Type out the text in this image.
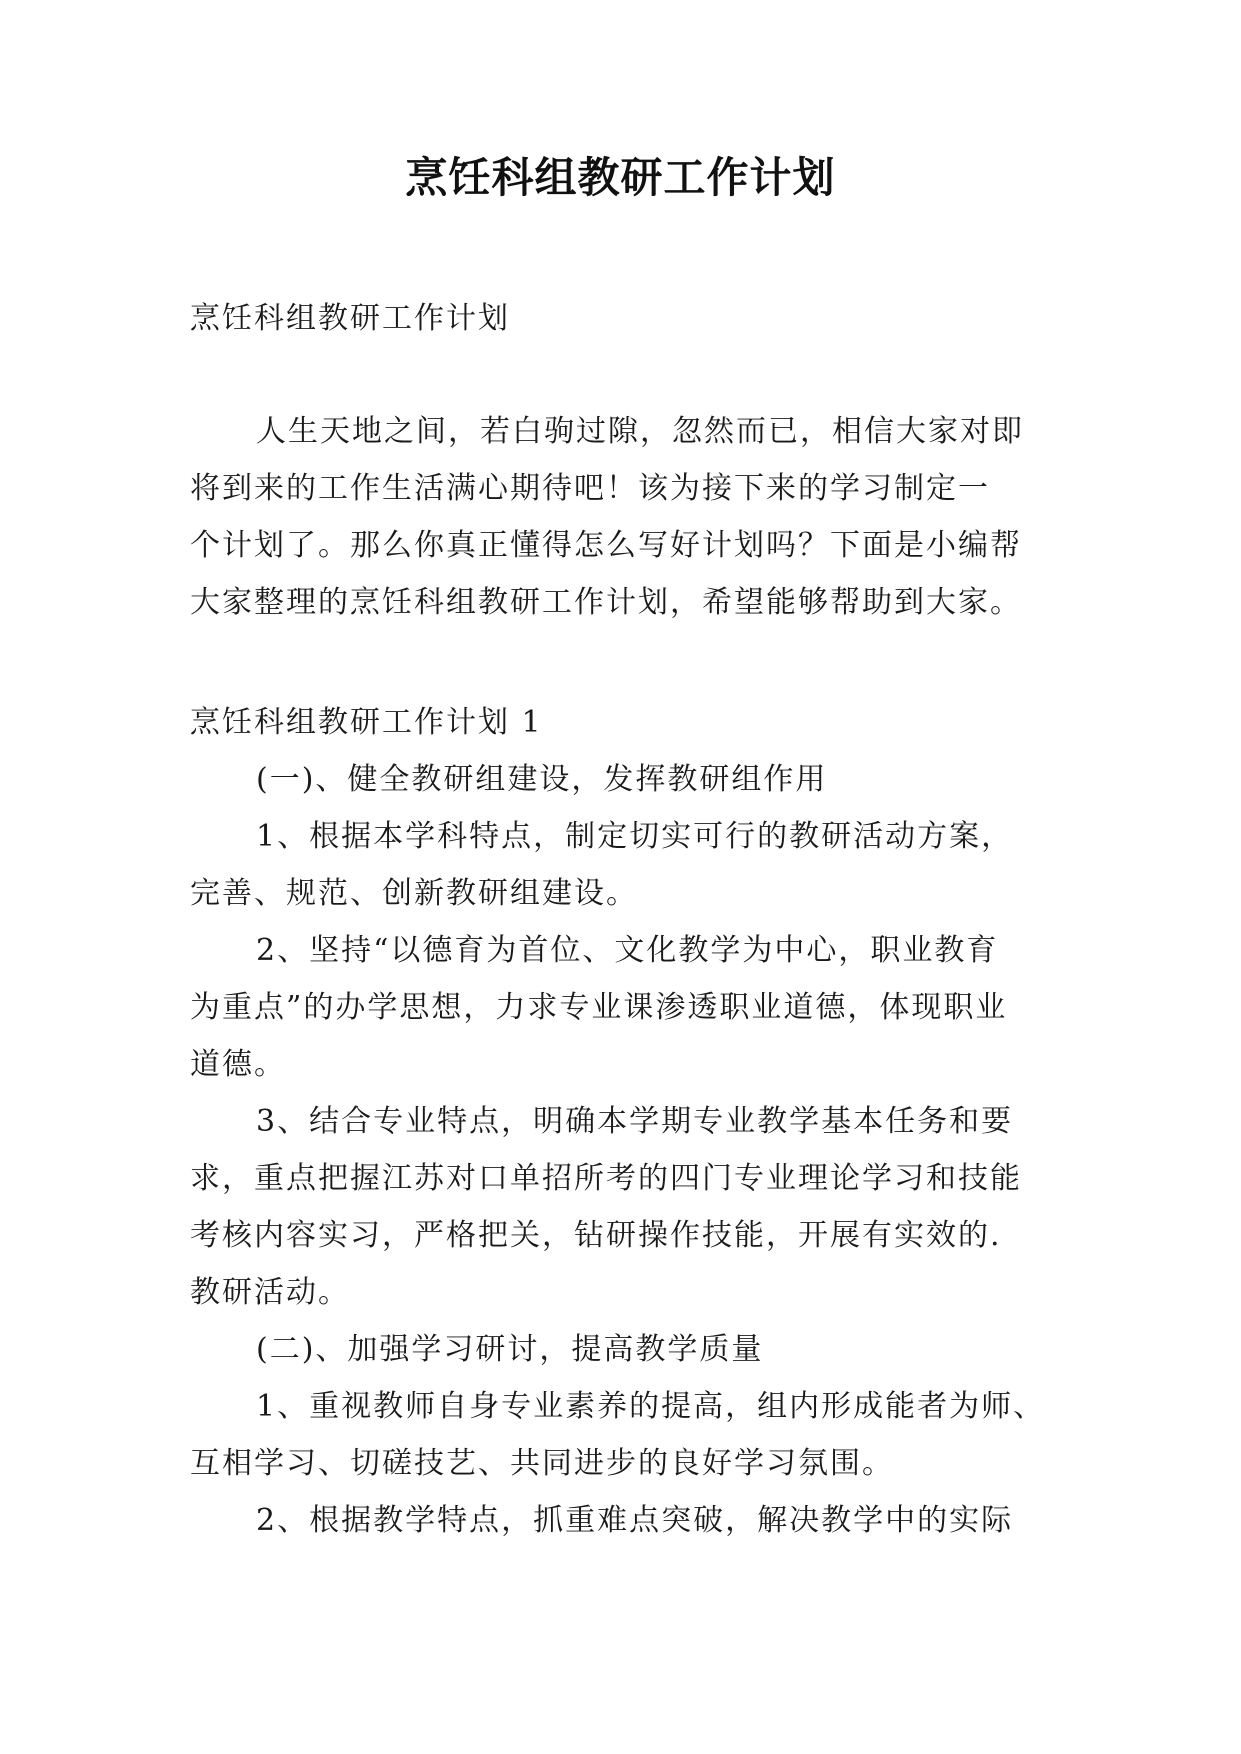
烹饪科组教研工作计划
烹饪科组教研工作计划
人生天地之间，若白驹过隙，忽然而已，相信大家对即
将到来的工作生活满心期待吧！该为接下来的学习制定一
个计划了。那么你真正懂得怎么写好计划吗？下面是小编帮
大家整理的烹饪科组教研工作计划，希望能够帮助到大家。
烹饪科组教研工作计划 1
(一)、健全教研组建设，发挥教研组作用
1、根据本学科特点，制定切实可行的教研活动方案，
完善、规范、创新教研组建设。
2、坚持“以德育为首位、文化教学为中心，职业教育
为重点”的办学思想，力求专业课渗透职业道德，体现职业
道德。
3、结合专业特点，明确本学期专业教学基本任务和要
求，重点把握江苏对口单招所考的四门专业理论学习和技能
考核内容实习，严格把关，钻研操作技能，开展有实效的.
教研活动。
(二)、加强学习研讨，提高教学质量
1、重视教师自身专业素养的提高，组内形成能者为师、
互相学习、切磋技艺、共同进步的良好学习氛围。
2、根据教学特点，抓重难点突破，解决教学中的实际
